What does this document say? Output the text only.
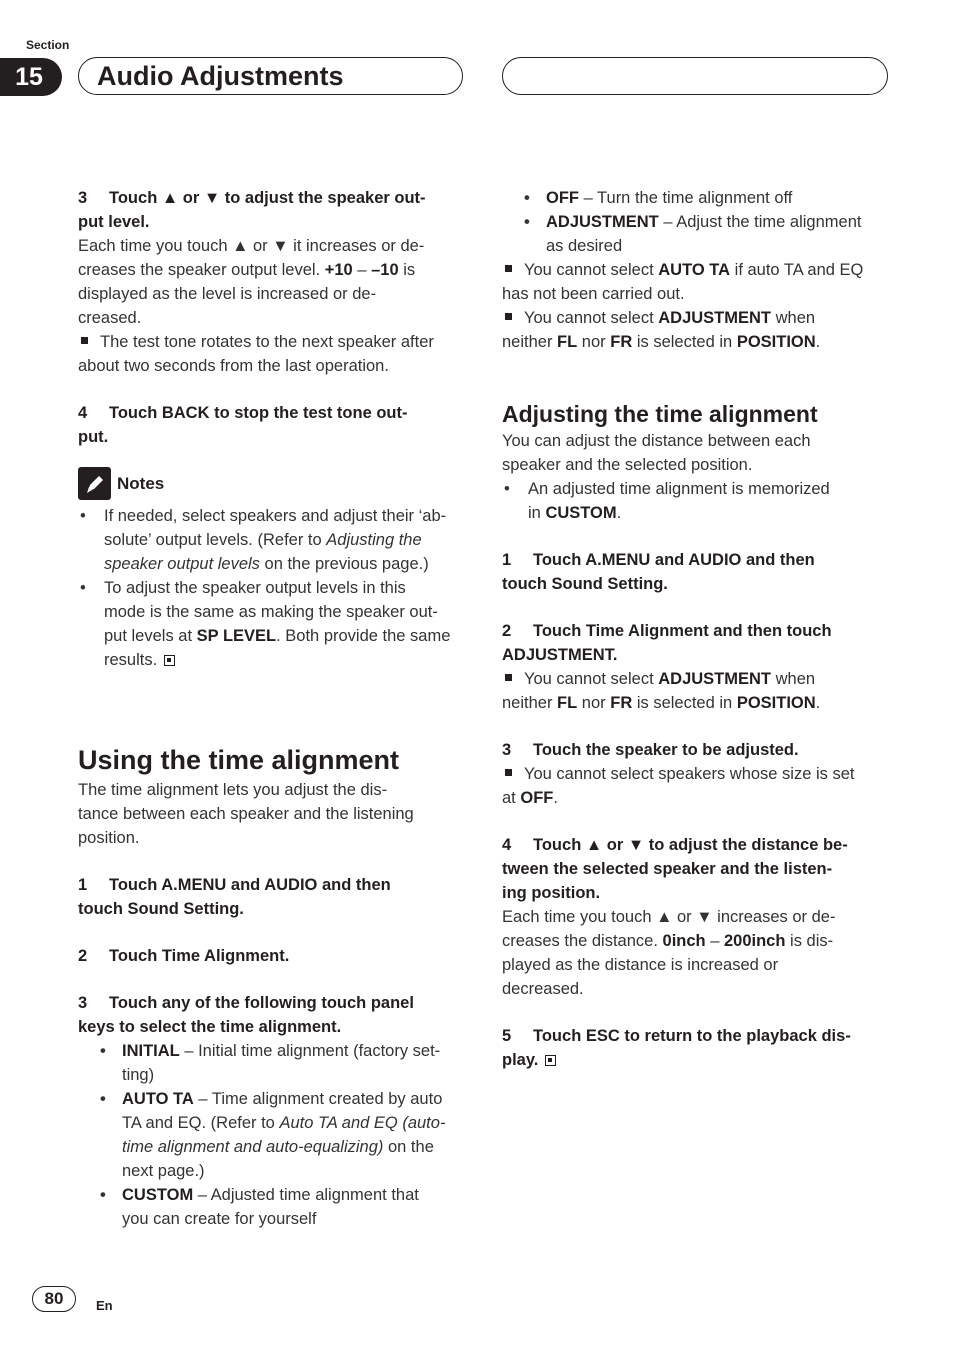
Section
15	Audio Adjustments

3 Touch ▲ or ▼ to adjust the speaker out-

put level.

Each time you touch ▲ or ▼ it increases or de-

creases the speaker output level. +10 – –10 is

displayed as the level is increased or de-

creased.

The test tone rotates to the next speaker after

about two seconds from the last operation.

4 Touch BACK to stop the test tone out-

put.

Notes
• If needed, select speakers and adjust their ‘ab-
solute’ output levels. (Refer to Adjusting the
speaker output levels on the previous page.)
• To adjust the speaker output levels in this
mode is the same as making the speaker out-
put levels at SP LEVEL. Both provide the same
results.

Using the time alignment

The time alignment lets you adjust the dis-

tance between each speaker and the listening

position.

1 Touch A.MENU and AUDIO and then

touch Sound Setting.

2 Touch Time Alignment.

3 Touch any of the following touch panel

keys to select the time alignment.

• INITIAL – Initial time alignment (factory set-
ting)
• AUTO TA – Time alignment created by auto
TA and EQ. (Refer to Auto TA and EQ (auto-
time alignment and auto-equalizing) on the
next page.)
• CUSTOM – Adjusted time alignment that
you can create for yourself
• OFF – Turn the time alignment off
• ADJUSTMENT – Adjust the time alignment
as desired

You cannot select AUTO TA if auto TA and EQ

has not been carried out.

You cannot select ADJUSTMENT when

neither FL nor FR is selected in POSITION.

Adjusting the time alignment

You can adjust the distance between each

speaker and the selected position.

• An adjusted time alignment is memorized
in CUSTOM.

1 Touch A.MENU and AUDIO and then

touch Sound Setting.

2 Touch Time Alignment and then touch

ADJUSTMENT.

You cannot select ADJUSTMENT when

neither FL nor FR is selected in POSITION.

3 Touch the speaker to be adjusted.

You cannot select speakers whose size is set

at OFF.

4 Touch ▲ or ▼ to adjust the distance be-

tween the selected speaker and the listen-

ing position.

Each time you touch ▲ or ▼ increases or de-

creases the distance. 0inch – 200inch is dis-

played as the distance is increased or

decreased.

5 Touch ESC to return to the playback dis-

play.

80	En
